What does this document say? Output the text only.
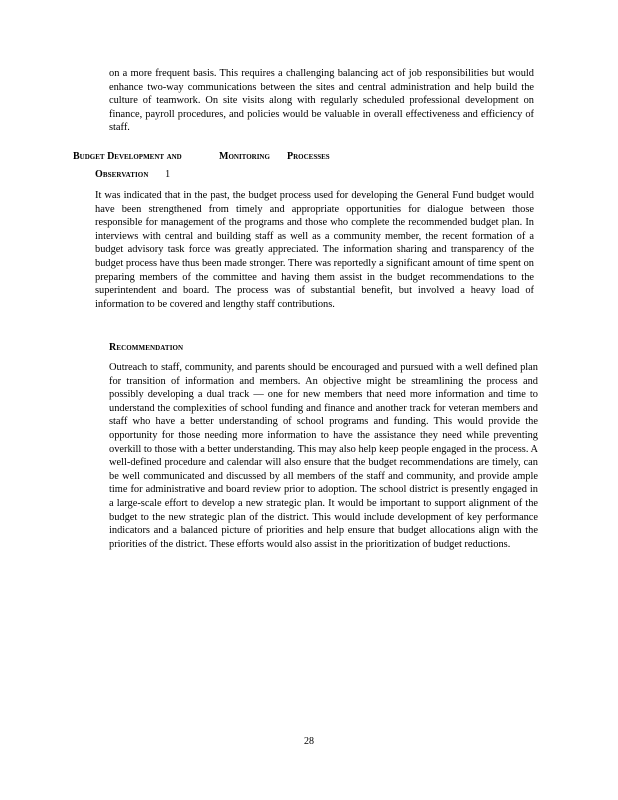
on a more frequent basis. This requires a challenging balancing act of job responsibilities but would enhance two-way communications between the sites and central administration and help build the culture of teamwork. On site visits along with regularly scheduled professional development on finance, payroll procedures, and policies would be valuable in overall effectiveness and efficiency of staff.

Budget Development and	Monitoring	Processes
Observation 1

It was indicated that in the past, the budget process used for developing the General Fund budget would have been strengthened from timely and appropriate opportunities for dialogue between those responsible for management of the programs and those who complete the recommended budget plan. In interviews with central and building staff as well as a community member, the recent formation of a budget advisory task force was greatly appreciated. The information sharing and transparency of the budget process have thus been made stronger. There was reportedly a significant amount of time spent on preparing members of the committee and having them assist in the budget recommendations to the superintendent and board. The process was of substantial benefit, but involved a heavy load of information to be covered and lengthy staff contributions.

Recommendation

Outreach to staff, community, and parents should be encouraged and pursued with a well defined plan for transition of information and members. An objective might be streamlining the process and possibly developing a dual track — one for new members that need more information and time to understand the complexities of school funding and finance and another track for veteran members and staff who have a better understanding of school programs and funding. This would provide the opportunity for those needing more information to have the assistance they need while preventing overkill to those with a better understanding. This may also help keep people engaged in the process. A well-defined procedure and calendar will also ensure that the budget recommendations are timely, can be well communicated and discussed by all members of the staff and community, and provide ample time for administrative and board review prior to adoption. The school district is presently engaged in a large-scale effort to develop a new strategic plan. It would be important to support alignment of the budget to the new strategic plan of the district. This would include development of key performance indicators and a balanced picture of priorities and help ensure that budget allocations align with the priorities of the district. These efforts would also assist in the prioritization of budget reductions.

28
